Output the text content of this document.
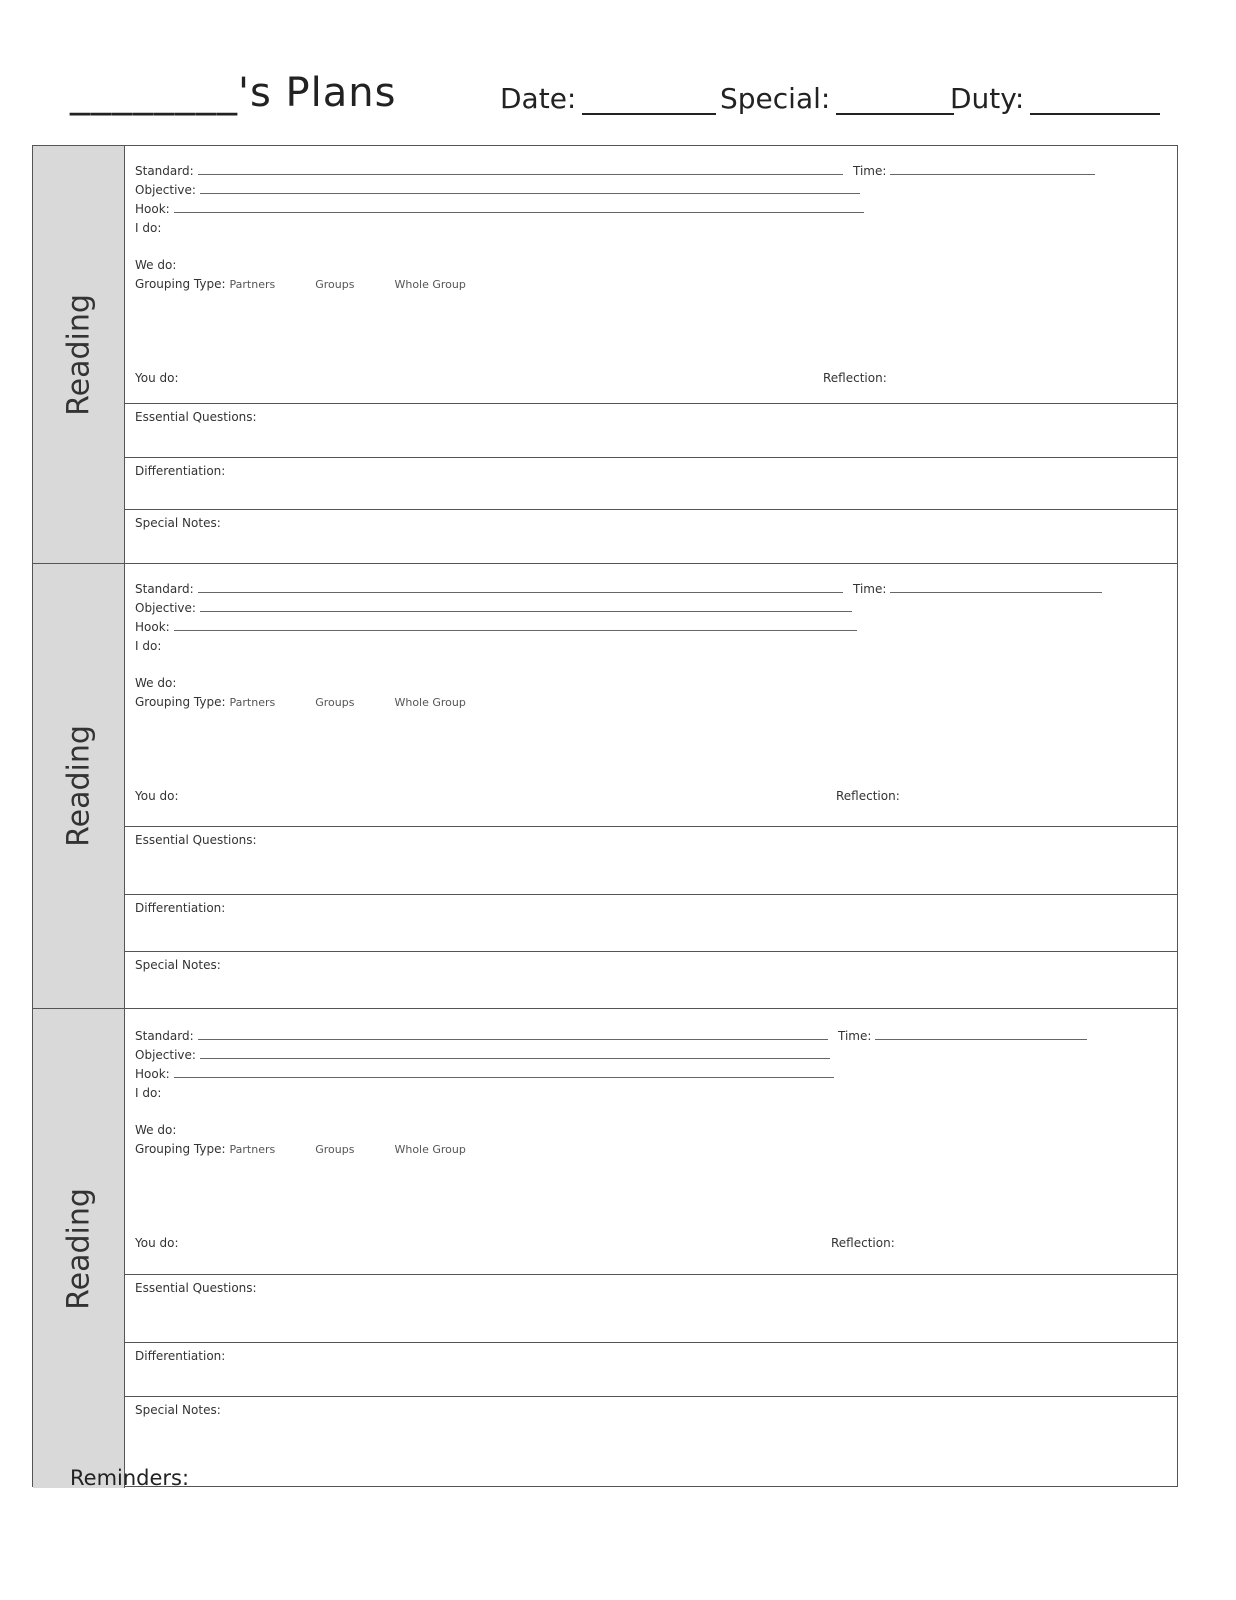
________'s Plans	Date:	Special:	Duty:
Reading
Standard:	Time:
Objective:
Hook:
I do:
We do:
Grouping Type: Partners	Groups	Whole Group
You do:	Reflection:
Essential Questions:
Differentiation:
Special Notes:
Reading
Standard:	Time:
Objective:
Hook:
I do:
We do:
Grouping Type: Partners	Groups	Whole Group
You do:	Reflection:
Essential Questions:
Differentiation:
Special Notes:
Reading
Standard:	Time:
Objective:
Hook:
I do:
We do:
Grouping Type: Partners	Groups	Whole Group
You do:	Reflection:
Essential Questions:
Differentiation:
Special Notes:
Reminders:
